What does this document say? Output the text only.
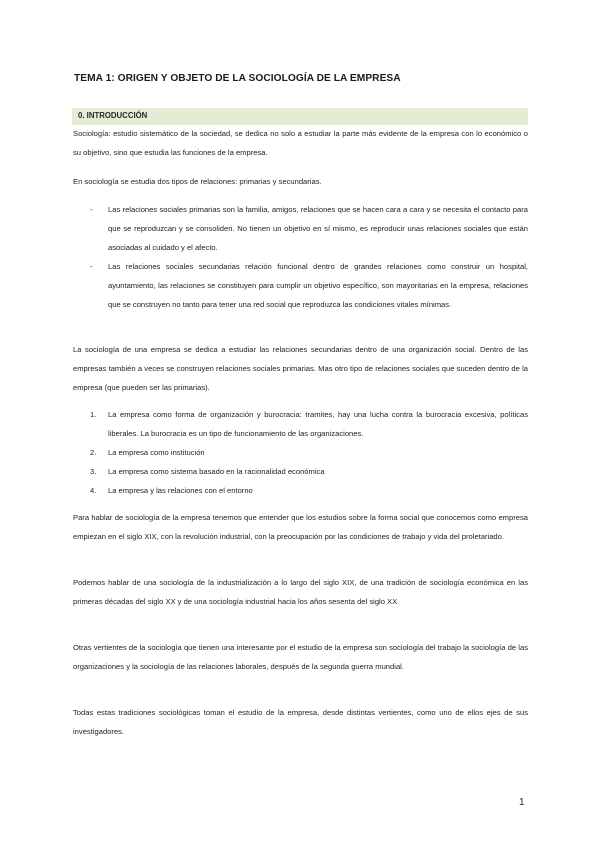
TEMA 1: ORIGEN Y OBJETO DE LA SOCIOLOGÍA DE LA EMPRESA
0. INTRODUCCIÓN
Sociología: estudio sistemático de la sociedad, se dedica no solo a estudiar la parte más evidente de la empresa con lo económico o su objetivo, sino que estudia las funciones de la empresa.
En sociología se estudia dos tipos de relaciones: primarias y secundarias.
- Las relaciones sociales primarias son la familia, amigos, relaciones que se hacen cara a cara y se necesita el contacto para que se reproduzcan y se consoliden. No tienen un objetivo en sí mismo, es reproducir unas relaciones sociales que están asociadas al cuidado y el afecto.
- Las relaciones sociales secundarias relación funcional dentro de grandes relaciones como construir un hospital, ayuntamiento, las relaciones se constituyen para cumplir un objetivo específico, son mayoritarias en la empresa, relaciones que se construyen no tanto para tener una red social que reproduzca las condiciones vitales mínimas.
La sociología de una empresa se dedica a estudiar las relaciones secundarias dentro de una organización social. Dentro de las empresas también a veces se construyen relaciones sociales primarias. Mas otro tipo de relaciones sociales que suceden dentro de la empresa (que pueden ser las primarias).
1. La empresa como forma de organización y burocracia: tramites, hay una lucha contra la burocracia excesiva, políticas liberales. La burocracia es un tipo de funcionamiento de las organizaciones.
2. La empresa como institución
3. La empresa como sistema basado en la racionalidad económica
4. La empresa y las relaciones con el entorno
Para hablar de sociología de la empresa tenemos que entender que los estudios sobre la forma social que conocemos como empresa empiezan en el siglo XIX, con la revolución industrial, con la preocupación por las condiciones de trabajo y vida del proletariado.
Podemos hablar de una sociología de la industrialización a lo largo del siglo XIX, de una tradición de sociología económica en las primeras décadas del siglo XX y de una sociología industrial hacia los años sesenta del siglo XX
Otras vertientes de la sociología que tienen una interesante por el estudio de la empresa son sociología del trabajo la sociología de las organizaciones y la sociología de las relaciones laborales, después de la segunda guerra mundial.
Todas estas tradiciones sociológicas toman el estudio de la empresa, desde distintas vertientes, como uno de ellos ejes de sus investigadores.
1
